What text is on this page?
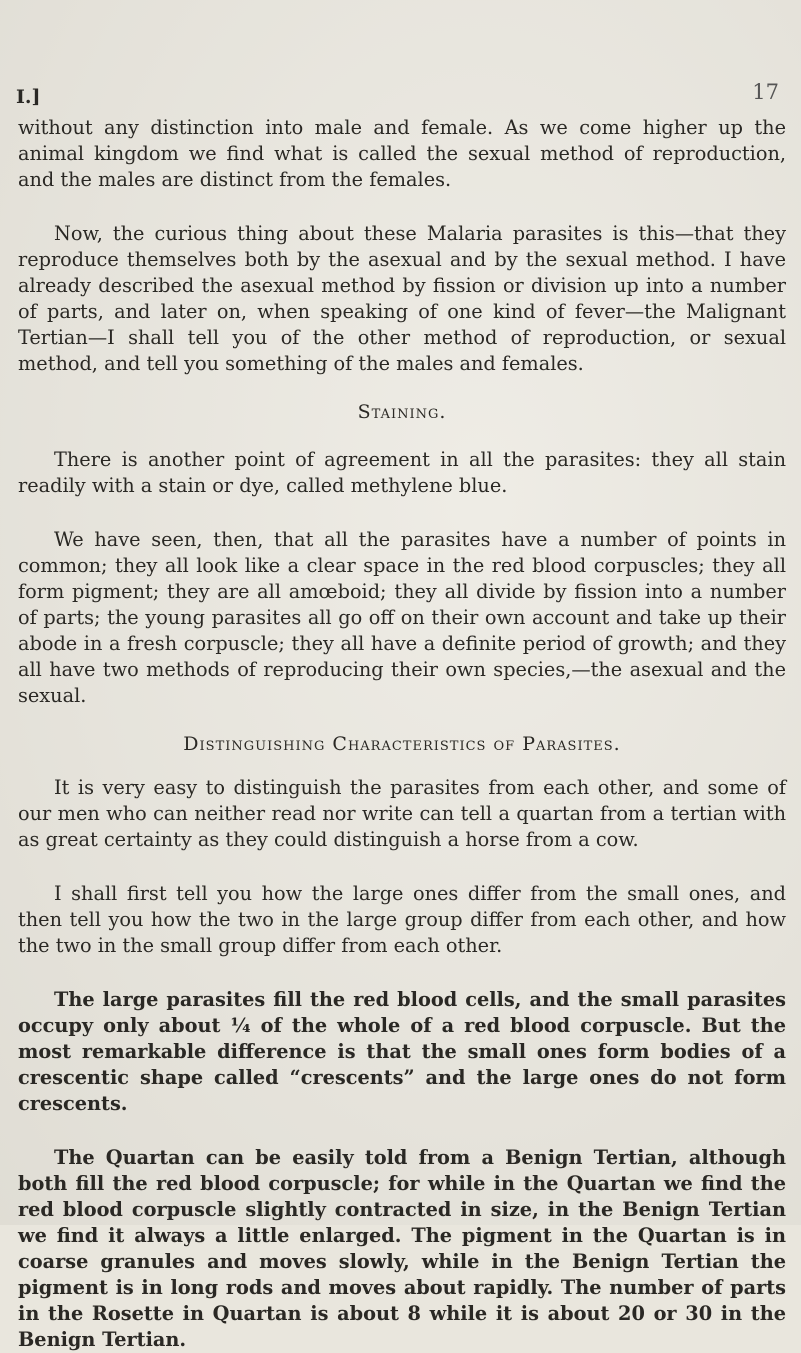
I.]	17

without any distinction into male and female. As we come higher up the animal kingdom we find what is called the sexual method of reproduction, and the males are distinct from the females.

Now, the curious thing about these Malaria parasites is this—that they reproduce themselves both by the asexual and by the sexual method. I have already described the asexual method by fission or division up into a number of parts, and later on, when speaking of one kind of fever—the Malignant Tertian—I shall tell you of the other method of reproduction, or sexual method, and tell you something of the males and females.

Staining.

There is another point of agreement in all the parasites: they all stain readily with a stain or dye, called methylene blue.

We have seen, then, that all the parasites have a number of points in common; they all look like a clear space in the red blood corpuscles; they all form pigment; they are all amœboid; they all divide by fission into a number of parts; the young parasites all go off on their own account and take up their abode in a fresh corpuscle; they all have a definite period of growth; and they all have two methods of reproducing their own species,—the asexual and the sexual.

Distinguishing Characteristics of Parasites.

It is very easy to distinguish the parasites from each other, and some of our men who can neither read nor write can tell a quartan from a tertian with as great certainty as they could distinguish a horse from a cow.

I shall first tell you how the large ones differ from the small ones, and then tell you how the two in the large group differ from each other, and how the two in the small group differ from each other.

The large parasites fill the red blood cells, and the small parasites occupy only about ¼ of the whole of a red blood corpuscle. But the most remarkable difference is that the small ones form bodies of a crescentic shape called “crescents” and the large ones do not form crescents.

The Quartan can be easily told from a Benign Tertian, although both fill the red blood corpuscle; for while in the Quartan we find the red blood corpuscle slightly contracted in size, in the Benign Tertian we find it always a little enlarged. The pigment in the Quartan is in coarse granules and moves slowly, while in the Benign Tertian the pigment is in long rods and moves about rapidly. The number of parts in the Rosette in Quartan is about 8 while it is about 20 or 30 in the Benign Tertian.
